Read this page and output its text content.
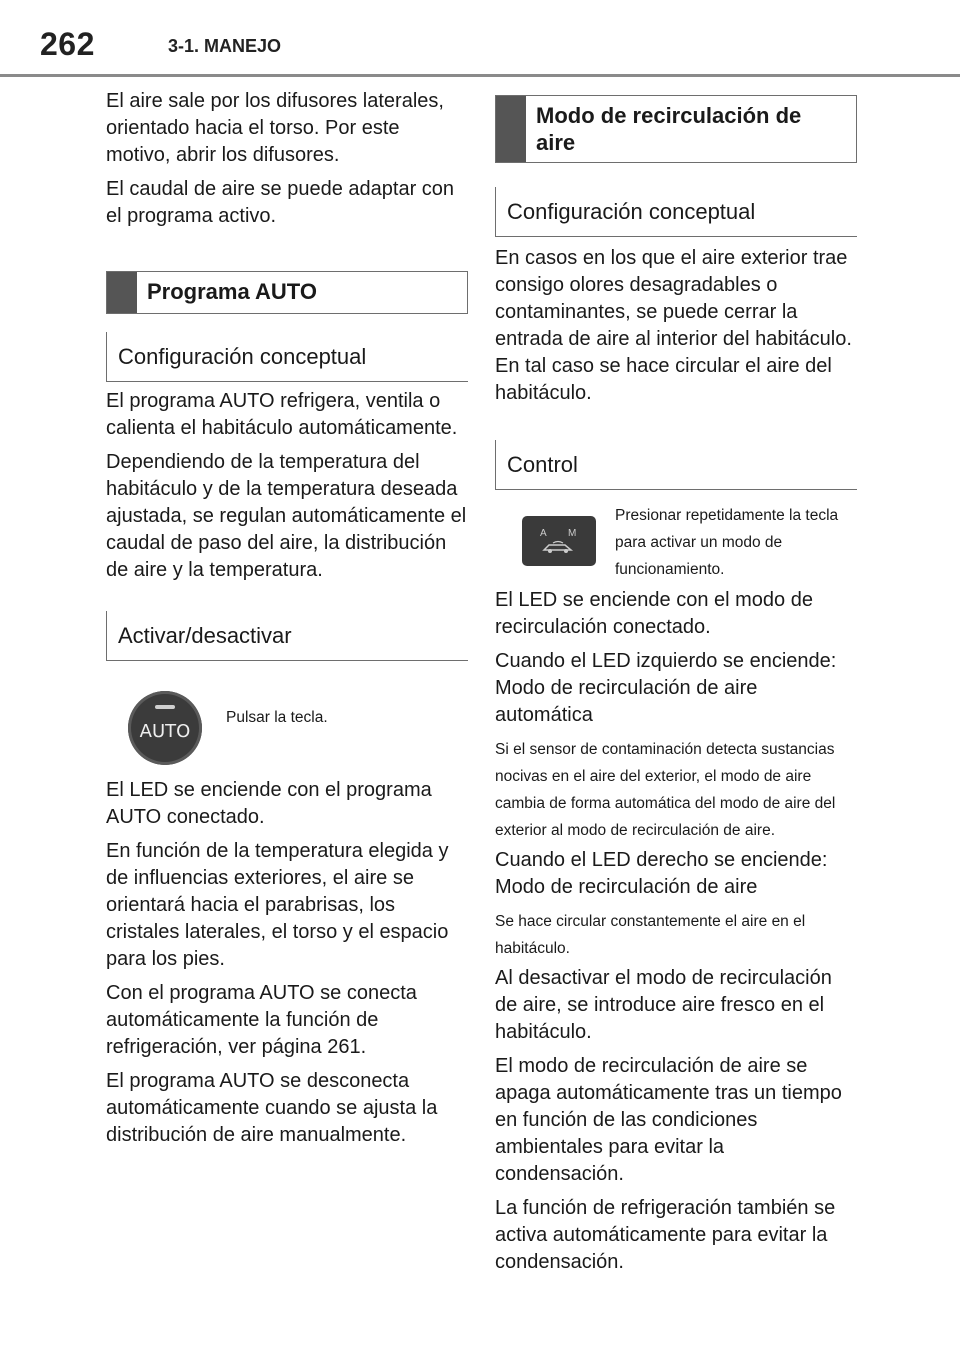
262	3-1. MANEJO

El aire sale por los difusores laterales, orientado hacia el torso. Por este motivo, abrir los difusores.

El caudal de aire se puede adaptar con el programa activo.

Programa AUTO
Configuración conceptual

El programa AUTO refrigera, ventila o calienta el habitáculo automáticamente.

Dependiendo de la temperatura del habitáculo y de la temperatura deseada ajustada, se regulan automáticamente el caudal de paso del aire, la distribución de aire y la temperatura.

Activar/desactivar
AUTO
Pulsar la tecla.

El LED se enciende con el programa AUTO conectado.

En función de la temperatura elegida y de influencias exteriores, el aire se orientará hacia el parabrisas, los cristales laterales, el torso y el espacio para los pies.

Con el programa AUTO se conecta automáticamente la función de refrigeración, ver página 261.

El programa AUTO se desconecta automáticamente cuando se ajusta la distribución de aire manualmente.

Modo de recirculación de aire
Configuración conceptual

En casos en los que el aire exterior trae consigo olores desagradables o contaminantes, se puede cerrar la entrada de aire al interior del habitáculo. En tal caso se hace circular el aire del habitáculo.

Control
A M
Presionar repetidamente la tecla para activar un modo de funcionamiento.

El LED se enciende con el modo de recirculación conectado.

Cuando el LED izquierdo se enciende: Modo de recirculación de aire automática

Si el sensor de contaminación detecta sustancias nocivas en el aire del exterior, el modo de aire cambia de forma automática del modo de aire del exterior al modo de recirculación de aire.

Cuando el LED derecho se enciende: Modo de recirculación de aire

Se hace circular constantemente el aire en el habitáculo.

Al desactivar el modo de recirculación de aire, se introduce aire fresco en el habitáculo.

El modo de recirculación de aire se apaga automáticamente tras un tiempo en función de las condiciones ambientales para evitar la condensación.

La función de refrigeración también se activa automáticamente para evitar la condensación.
